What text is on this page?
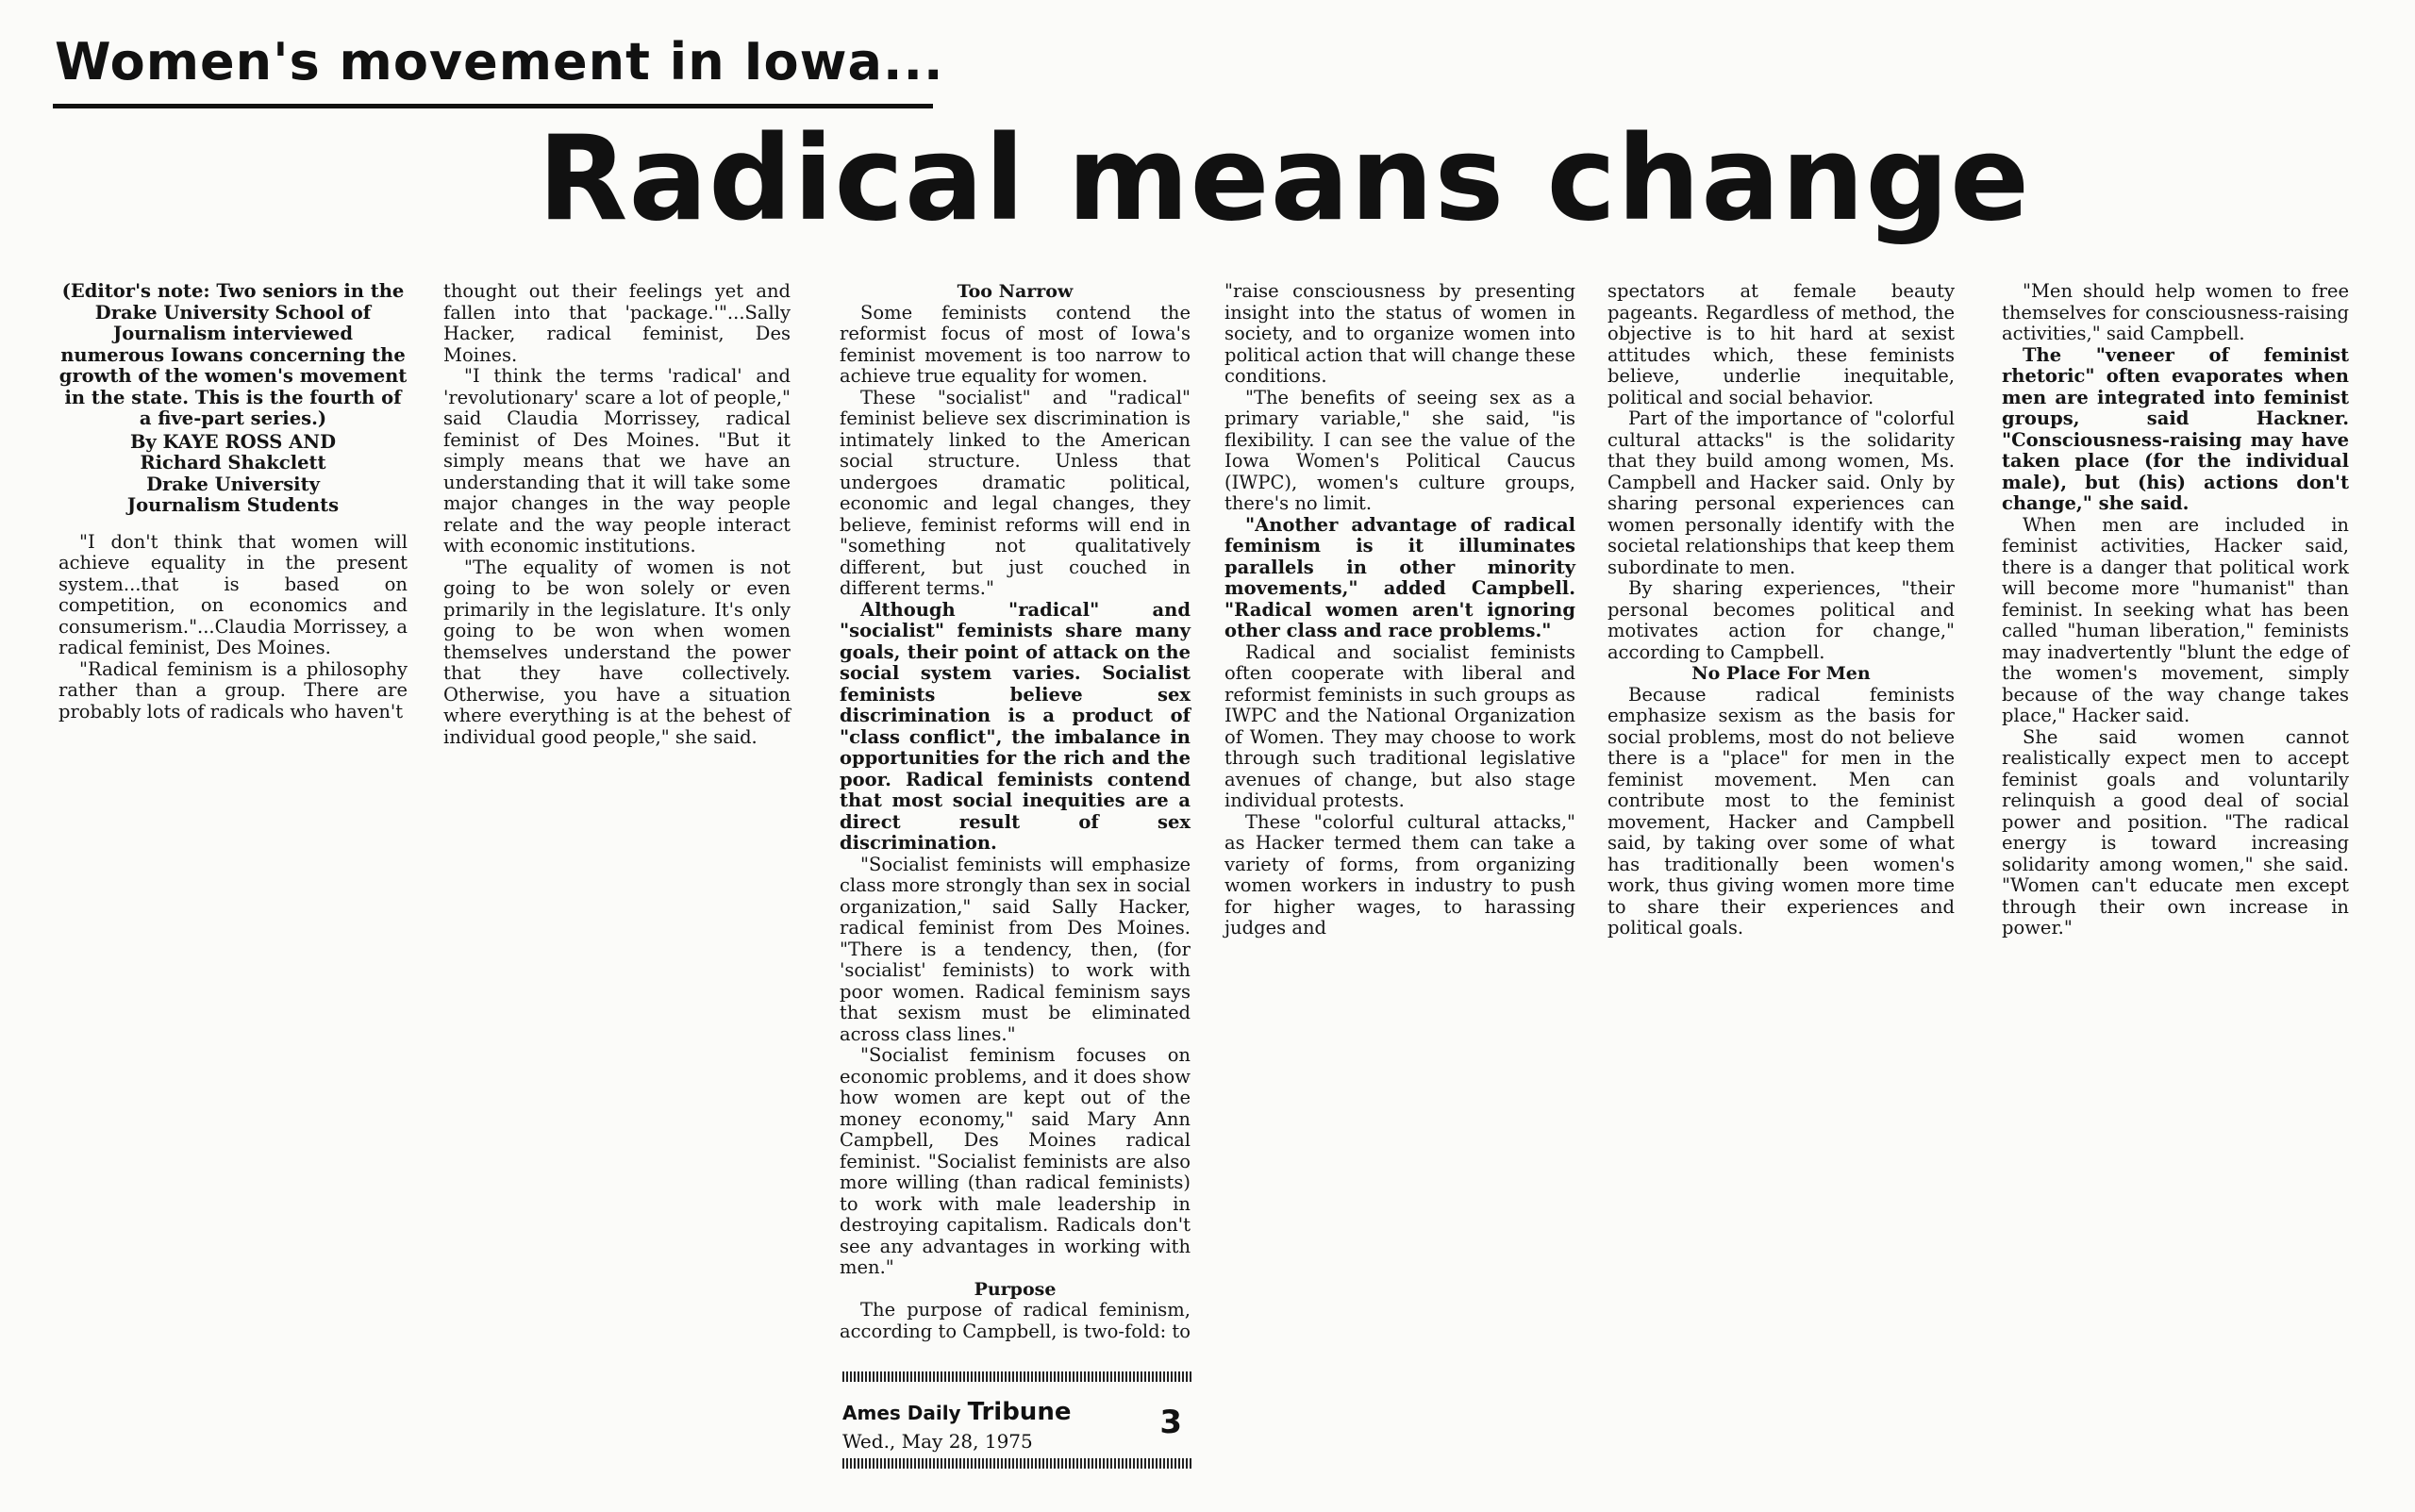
Women's movement in Iowa...
Radical means change

(Editor's note: Two seniors in the Drake University School of Journalism interviewed numerous Iowans concerning the growth of the women's movement in the state. This is the fourth of a five-part series.)

By KAYE ROSS AND
Richard Shakclett
Drake University
Journalism Students

"I don't think that women will achieve equality in the present system...that is based on competition, on economics and consumerism."...Claudia Morrissey, a radical feminist, Des Moines.

"Radical feminism is a philosophy rather than a group. There are probably lots of radicals who haven't

thought out their feelings yet and fallen into that 'package.'"...Sally Hacker, radical feminist, Des Moines.

"I think the terms 'radical' and 'revolutionary' scare a lot of people," said Claudia Morrissey, radical feminist of Des Moines. "But it simply means that we have an understanding that it will take some major changes in the way people relate and the way people interact with economic institutions.

"The equality of women is not going to be won solely or even primarily in the legislature. It's only going to be won when women themselves understand the power that they have collectively. Otherwise, you have a situation where everything is at the behest of individual good people," she said.

Too Narrow

Some feminists contend the reformist focus of most of Iowa's feminist movement is too narrow to achieve true equality for women.

These "socialist" and "radical" feminist believe sex discrimination is intimately linked to the American social structure. Unless that undergoes dramatic political, economic and legal changes, they believe, feminist reforms will end in "something not qualitatively different, but just couched in different terms."

Although "radical" and "socialist" feminists share many goals, their point of attack on the social system varies. Socialist feminists believe sex discrimination is a product of "class conflict", the imbalance in opportunities for the rich and the poor. Radical feminists contend that most social inequities are a direct result of sex discrimination.

"Socialist feminists will emphasize class more strongly than sex in social organization," said Sally Hacker, radical feminist from Des Moines. "There is a tendency, then, (for 'socialist' feminists) to work with poor women. Radical feminism says that sexism must be eliminated across class lines."

"Socialist feminism focuses on economic problems, and it does show how women are kept out of the money economy," said Mary Ann Campbell, Des Moines radical feminist. "Socialist feminists are also more willing (than radical feminists) to work with male leadership in destroying capitalism. Radicals don't see any advantages in working with men."

Purpose

The purpose of radical feminism, according to Campbell, is two-fold: to

"raise consciousness by presenting insight into the status of women in society, and to organize women into political action that will change these conditions.

"The benefits of seeing sex as a primary variable," she said, "is flexibility. I can see the value of the Iowa Women's Political Caucus (IWPC), women's culture groups, there's no limit.

"Another advantage of radical feminism is it illuminates parallels in other minority movements," added Campbell. "Radical women aren't ignoring other class and race problems."

Radical and socialist feminists often cooperate with liberal and reformist feminists in such groups as IWPC and the National Organization of Women. They may choose to work through such traditional legislative avenues of change, but also stage individual protests.

These "colorful cultural attacks," as Hacker termed them can take a variety of forms, from organizing women workers in industry to push for higher wages, to harassing judges and

spectators at female beauty pageants. Regardless of method, the objective is to hit hard at sexist attitudes which, these feminists believe, underlie inequitable, political and social behavior.

Part of the importance of "colorful cultural attacks" is the solidarity that they build among women, Ms. Campbell and Hacker said. Only by sharing personal experiences can women personally identify with the societal relationships that keep them subordinate to men.

By sharing experiences, "their personal becomes political and motivates action for change," according to Campbell.

No Place For Men

Because radical feminists emphasize sexism as the basis for social problems, most do not believe there is a "place" for men in the feminist movement. Men can contribute most to the feminist movement, Hacker and Campbell said, by taking over some of what has traditionally been women's work, thus giving women more time to share their experiences and political goals.

"Men should help women to free themselves for consciousness-raising activities," said Campbell.

The "veneer of feminist rhetoric" often evaporates when men are integrated into feminist groups, said Hackner. "Consciousness-raising may have taken place (for the individual male), but (his) actions don't change," she said.

When men are included in feminist activities, Hacker said, there is a danger that political work will become more "humanist" than feminist. In seeking what has been called "human liberation," feminists may inadvertently "blunt the edge of the women's movement, simply because of the way change takes place," Hacker said.

She said women cannot realistically expect men to accept feminist goals and voluntarily relinquish a good deal of social power and position. "The radical energy is toward increasing solidarity among women," she said. "Women can't educate men except through their own increase in power."

Ames Daily Tribune	3
Wed., May 28, 1975
